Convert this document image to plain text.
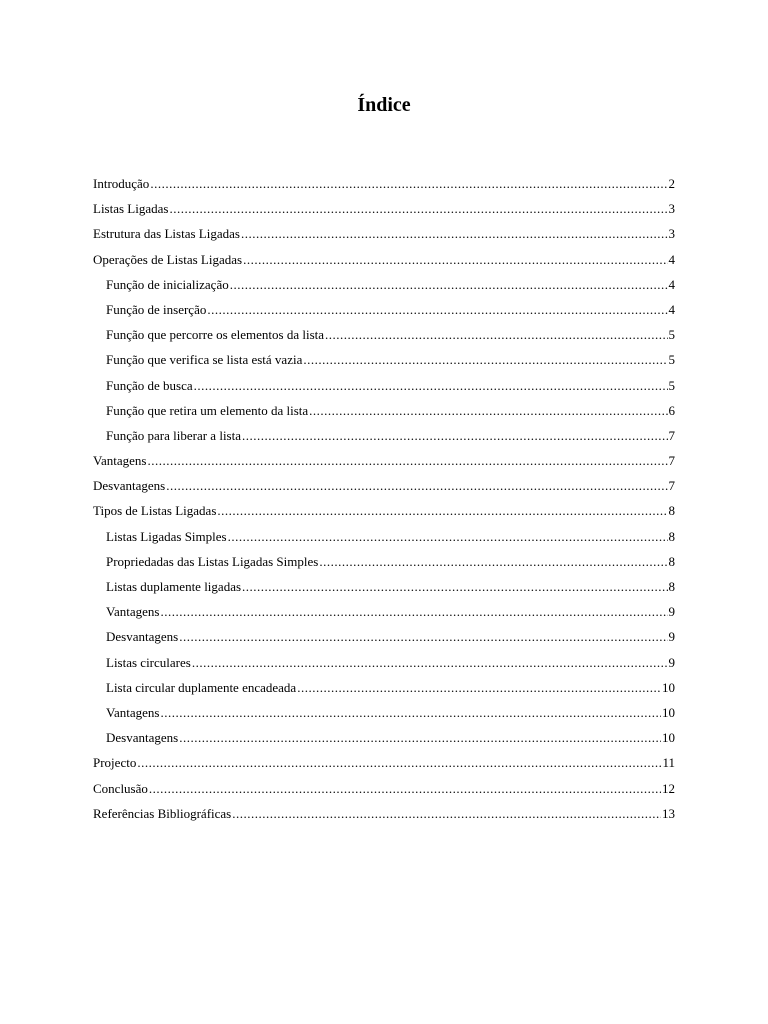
Índice
Introdução .....	2
Listas Ligadas .....	3
Estrutura das Listas Ligadas .....	3
Operações de Listas Ligadas .....	4
Função de inicialização .....	4
Função de inserção .....	4
Função que percorre os elementos da lista .....	5
Função que verifica se lista está vazia .....	5
Função de busca .....	5
Função que retira um elemento da lista .....	6
Função para liberar a lista .....	7
Vantagens .....	7
Desvantagens .....	7
Tipos de Listas Ligadas .....	8
Listas Ligadas Simples .....	8
Propriedadas das Listas Ligadas Simples .....	8
Listas duplamente ligadas .....	8
Vantagens .....	9
Desvantagens .....	9
Listas circulares .....	9
Lista circular duplamente encadeada .....	10
Vantagens .....	10
Desvantagens .....	10
Projecto .....	11
Conclusão .....	12
Referências Bibliográficas .....	13
